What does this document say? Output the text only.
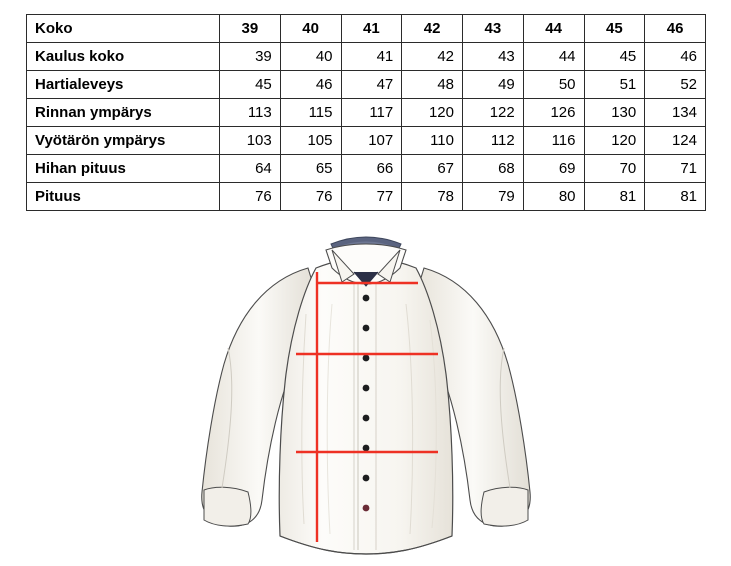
Koko	39	40	41	42	43	44	45	46
Kaulus koko	39	40	41	42	43	44	45	46
Hartialeveys	45	46	47	48	49	50	51	52
Rinnan ympärys	113	115	117	120	122	126	130	134
Vyötärön ympärys	103	105	107	110	112	116	120	124
Hihan pituus	64	65	66	67	68	69	70	71
Pituus	76	76	77	78	79	80	81	81
